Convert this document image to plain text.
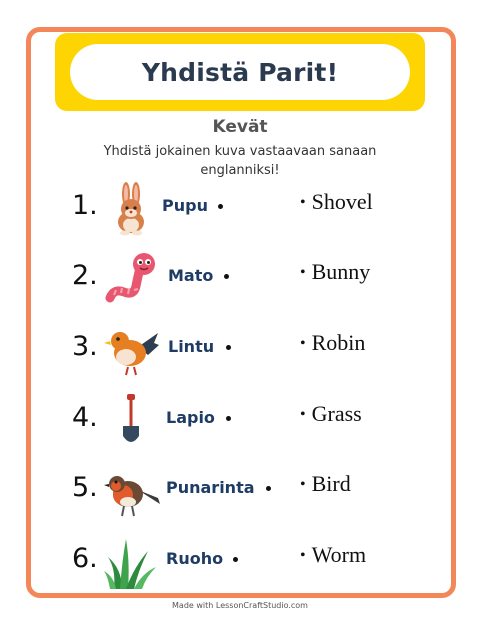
Yhdistä Parit!
Kevät
Yhdistä jokainen kuva vastaavaan sanaan
englanniksi!
1.	Pupu	• Shovel
2.	Mato	• Bunny
3.	Lintu	• Robin
4.	Lapio	• Grass
5.	Punarinta	• Bird
6.	Ruoho	• Worm
Made with LessonCraftStudio.com
